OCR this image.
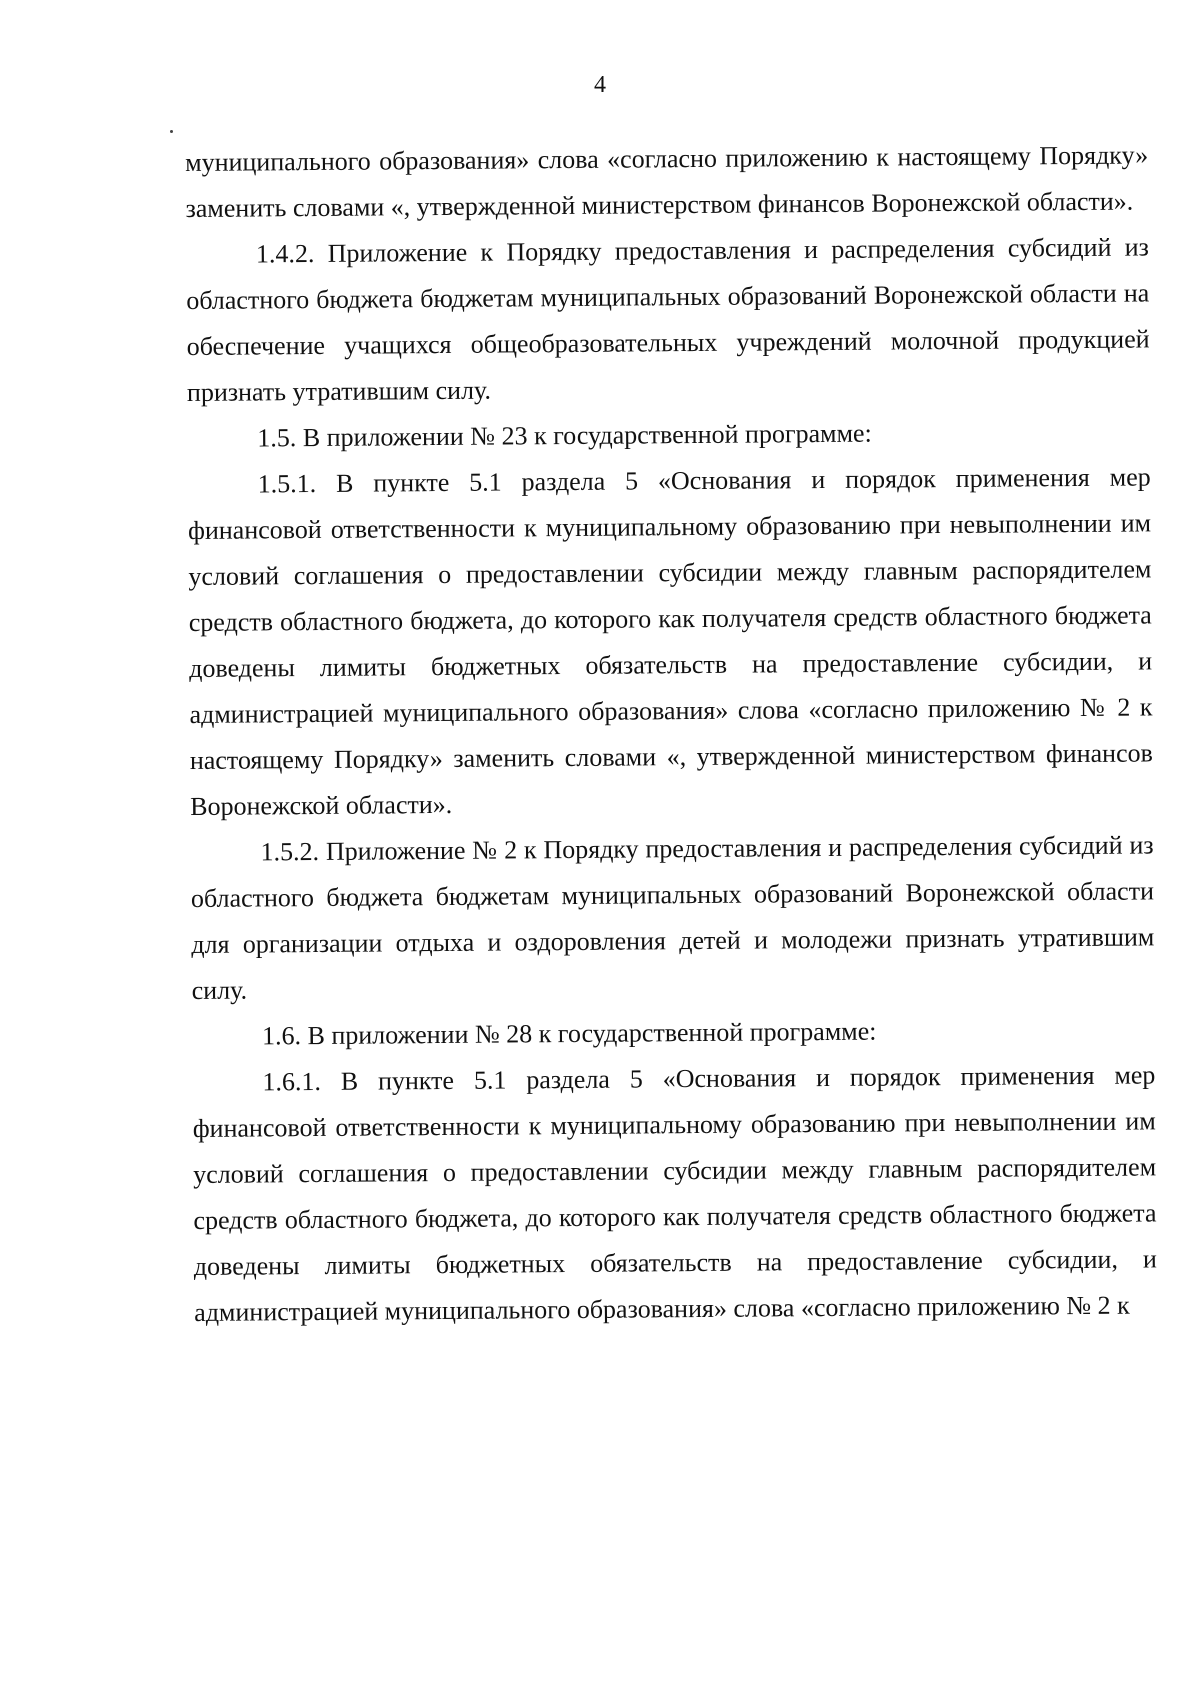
4

муниципального образования» слова «согласно приложению к настоящему Порядку» заменить словами «, утвержденной министерством финансов Воронежской области».

1.4.2. Приложение к Порядку предоставления и распределения субсидий из областного бюджета бюджетам муниципальных образований Воронежской области на обеспечение учащихся общеобразовательных учреждений молочной продукцией признать утратившим силу.

1.5. В приложении № 23 к государственной программе:

1.5.1. В пункте 5.1 раздела 5 «Основания и порядок применения мер финансовой ответственности к муниципальному образованию при невыполнении им условий соглашения о предоставлении субсидии между главным распорядителем средств областного бюджета, до которого как получателя средств областного бюджета доведены лимиты бюджетных обязательств на предоставление субсидии, и администрацией муниципального образования» слова «согласно приложению № 2 к настоящему Порядку» заменить словами «, утвержденной министерством финансов Воронежской области».

1.5.2. Приложение № 2 к Порядку предоставления и распределения субсидий из областного бюджета бюджетам муниципальных образований Воронежской области для организации отдыха и оздоровления детей и молодежи признать утратившим силу.

1.6. В приложении № 28 к государственной программе:

1.6.1. В пункте 5.1 раздела 5 «Основания и порядок применения мер финансовой ответственности к муниципальному образованию при невыполнении им условий соглашения о предоставлении субсидии между главным распорядителем средств областного бюджета, до которого как получателя средств областного бюджета доведены лимиты бюджетных обязательств на предоставление субсидии, и администрацией муниципального образования» слова «согласно приложению № 2 к
